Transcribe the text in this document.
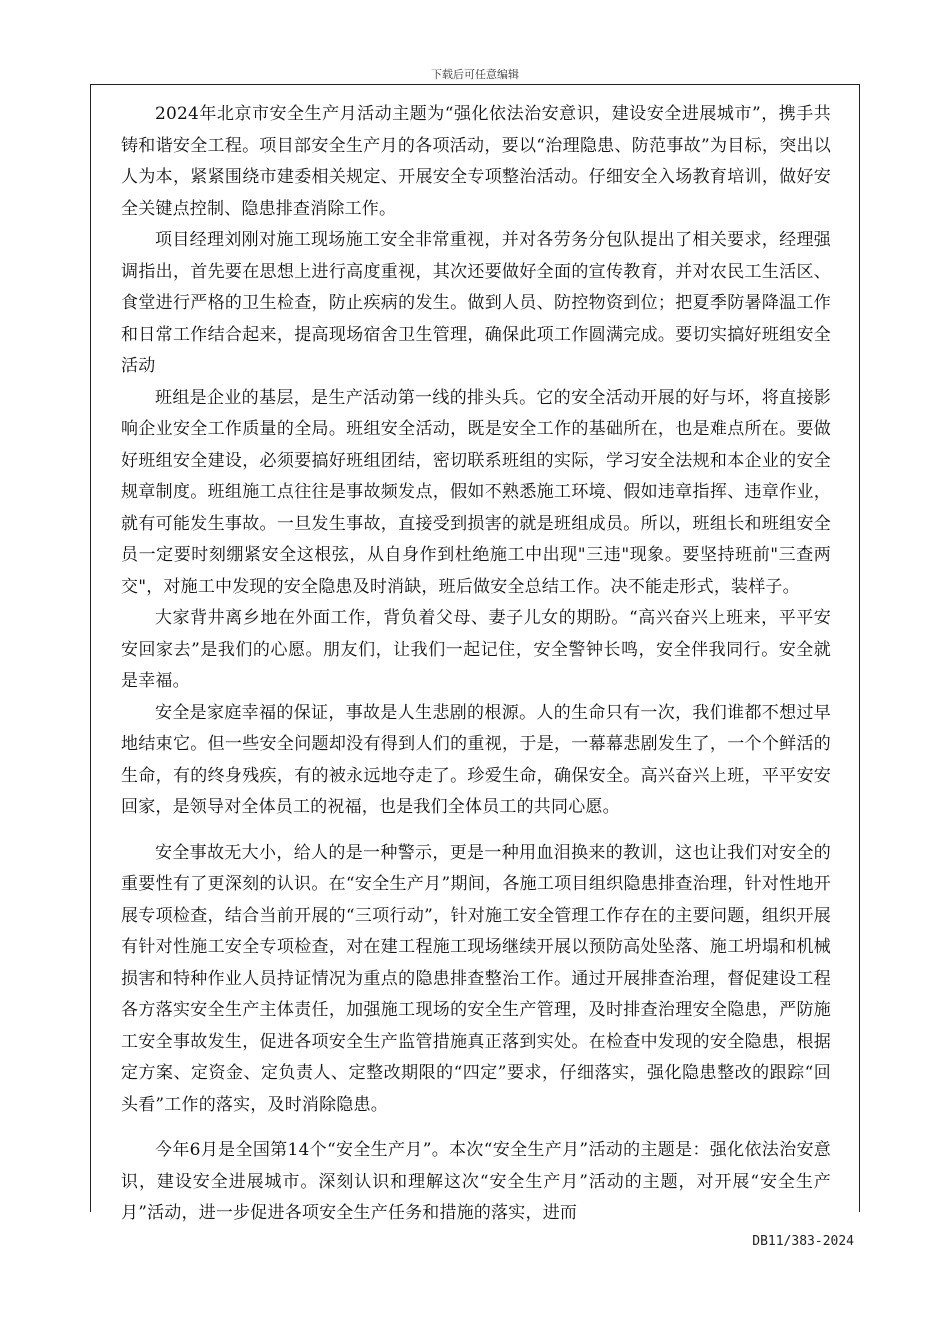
下载后可任意编辑

2024年北京市安全生产月活动主题为“强化依法治安意识，建设安全进展城市”，携手共铸和谐安全工程。项目部安全生产月的各项活动，要以“治理隐患、防范事故”为目标，突出以人为本，紧紧围绕市建委相关规定、开展安全专项整治活动。仔细安全入场教育培训，做好安全关键点控制、隐患排查消除工作。

项目经理刘刚对施工现场施工安全非常重视，并对各劳务分包队提出了相关要求，经理强调指出，首先要在思想上进行高度重视，其次还要做好全面的宣传教育，并对农民工生活区、食堂进行严格的卫生检查，防止疾病的发生。做到人员、防控物资到位；把夏季防暑降温工作和日常工作结合起来，提高现场宿舍卫生管理，确保此项工作圆满完成。要切实搞好班组安全活动

班组是企业的基层，是生产活动第一线的排头兵。它的安全活动开展的好与坏，将直接影响企业安全工作质量的全局。班组安全活动，既是安全工作的基础所在，也是难点所在。要做好班组安全建设，必须要搞好班组团结，密切联系班组的实际，学习安全法规和本企业的安全规章制度。班组施工点往往是事故频发点，假如不熟悉施工环境、假如违章指挥、违章作业，就有可能发生事故。一旦发生事故，直接受到损害的就是班组成员。所以，班组长和班组安全员一定要时刻绷紧安全这根弦，从自身作到杜绝施工中出现"三违"现象。要坚持班前"三查两交"，对施工中发现的安全隐患及时消缺，班后做安全总结工作。决不能走形式，装样子。

大家背井离乡地在外面工作，背负着父母、妻子儿女的期盼。“高兴奋兴上班来，平平安安回家去”是我们的心愿。朋友们，让我们一起记住，安全警钟长鸣，安全伴我同行。安全就是幸福。

安全是家庭幸福的保证，事故是人生悲剧的根源。人的生命只有一次，我们谁都不想过早地结束它。但一些安全问题却没有得到人们的重视，于是，一幕幕悲剧发生了，一个个鲜活的生命，有的终身残疾，有的被永远地夺走了。珍爱生命，确保安全。高兴奋兴上班，平平安安回家，是领导对全体员工的祝福，也是我们全体员工的共同心愿。

安全事故无大小，给人的是一种警示，更是一种用血泪换来的教训，这也让我们对安全的重要性有了更深刻的认识。在“安全生产月”期间，各施工项目组织隐患排查治理，针对性地开展专项检查，结合当前开展的“三项行动”，针对施工安全管理工作存在的主要问题，组织开展有针对性施工安全专项检查，对在建工程施工现场继续开展以预防高处坠落、施工坍塌和机械损害和特种作业人员持证情况为重点的隐患排查整治工作。通过开展排查治理，督促建设工程各方落实安全生产主体责任，加强施工现场的安全生产管理，及时排查治理安全隐患，严防施工安全事故发生，促进各项安全生产监管措施真正落到实处。在检查中发现的安全隐患，根据定方案、定资金、定负责人、定整改期限的“四定”要求，仔细落实，强化隐患整改的跟踪“回头看”工作的落实，及时消除隐患。

今年6月是全国第14个“安全生产月”。本次“安全生产月”活动的主题是：强化依法治安意识，建设安全进展城市。深刻认识和理解这次“安全生产月”活动的主题，对开展“安全生产月”活动，进一步促进各项安全生产任务和措施的落实，进而

DB11/383-2024
